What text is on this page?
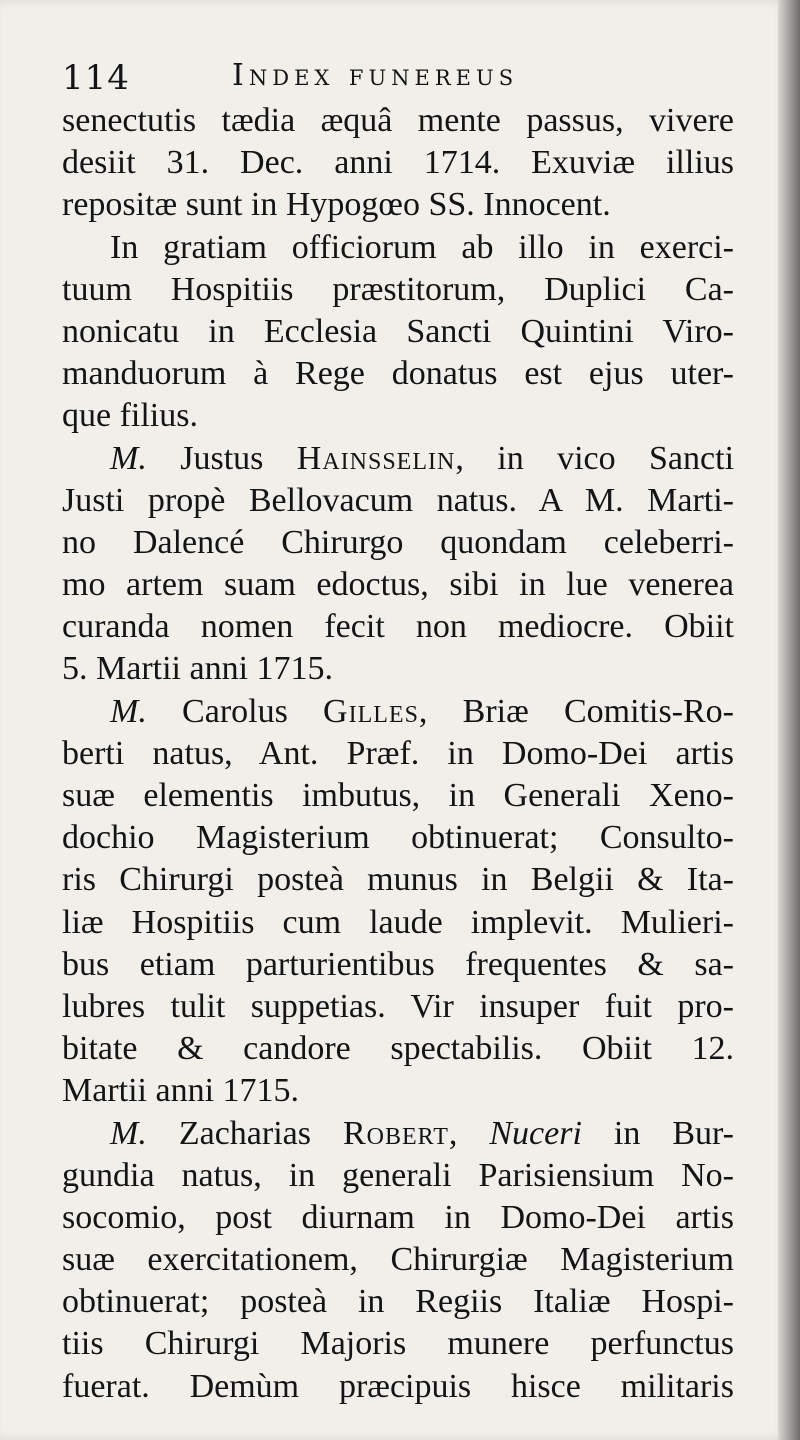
114	Index funereus
senectutis tædia æquâ mente passus, vivere
desiit 31. Dec. anni 1714. Exuviæ illius
repositæ sunt in Hypogœo SS. Innocent.
In gratiam officiorum ab illo in exerci-
tuum Hospitiis præstitorum, Duplici Ca-
nonicatu in Ecclesia Sancti Quintini Viro-
manduorum à Rege donatus est ejus uter-
que filius.
M. Justus Hainsselin, in vico Sancti
Justi propè Bellovacum natus. A M. Marti-
no Dalencé Chirurgo quondam celeberri-
mo artem suam edoctus, sibi in lue venerea
curanda nomen fecit non mediocre. Obiit
5. Martii anni 1715.
M. Carolus Gilles, Briæ Comitis-Ro-
berti natus, Ant. Præf. in Domo-Dei artis
suæ elementis imbutus, in Generali Xeno-
dochio Magisterium obtinuerat; Consulto-
ris Chirurgi posteà munus in Belgii & Ita-
liæ Hospitiis cum laude implevit. Mulieri-
bus etiam parturientibus frequentes & sa-
lubres tulit suppetias. Vir insuper fuit pro-
bitate & candore spectabilis. Obiit 12.
Martii anni 1715.
M. Zacharias Robert, Nuceri in Bur-
gundia natus, in generali Parisiensium No-
socomio, post diurnam in Domo-Dei artis
suæ exercitationem, Chirurgiæ Magisterium
obtinuerat; posteà in Regiis Italiæ Hospi-
tiis Chirurgi Majoris munere perfunctus
fuerat. Demùm præcipuis hisce militaris
